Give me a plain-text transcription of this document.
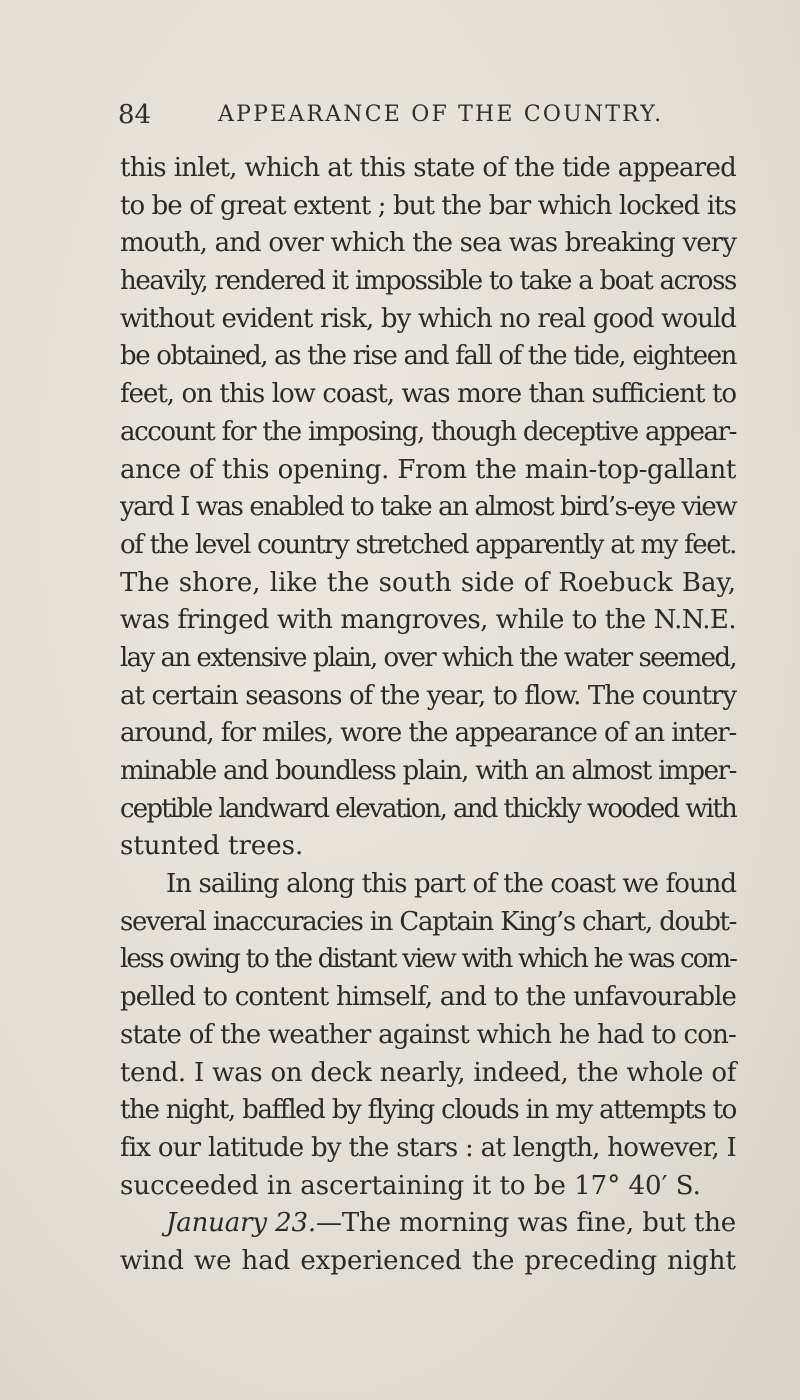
84	APPEARANCE OF THE COUNTRY.
this inlet, which at this state of the tide appeared
to be of great extent ; but the bar which locked its
mouth, and over which the sea was breaking very
heavily, rendered it impossible to take a boat across
without evident risk, by which no real good would
be obtained, as the rise and fall of the tide, eighteen
feet, on this low coast, was more than sufficient to
account for the imposing, though deceptive appear-
ance of this opening. From the main-top-gallant
yard I was enabled to take an almost bird’s-eye view
of the level country stretched apparently at my feet.
The shore, like the south side of Roebuck Bay,
was fringed with mangroves, while to the N.N.E.
lay an extensive plain, over which the water seemed,
at certain seasons of the year, to flow. The country
around, for miles, wore the appearance of an inter-
minable and boundless plain, with an almost imper-
ceptible landward elevation, and thickly wooded with
stunted trees.
In sailing along this part of the coast we found
several inaccuracies in Captain King’s chart, doubt-
less owing to the distant view with which he was com-
pelled to content himself, and to the unfavourable
state of the weather against which he had to con-
tend. I was on deck nearly, indeed, the whole of
the night, baffled by flying clouds in my attempts to
fix our latitude by the stars : at length, however, I
succeeded in ascertaining it to be 17° 40′ S.
January 23.—The morning was fine, but the
wind we had experienced the preceding night
